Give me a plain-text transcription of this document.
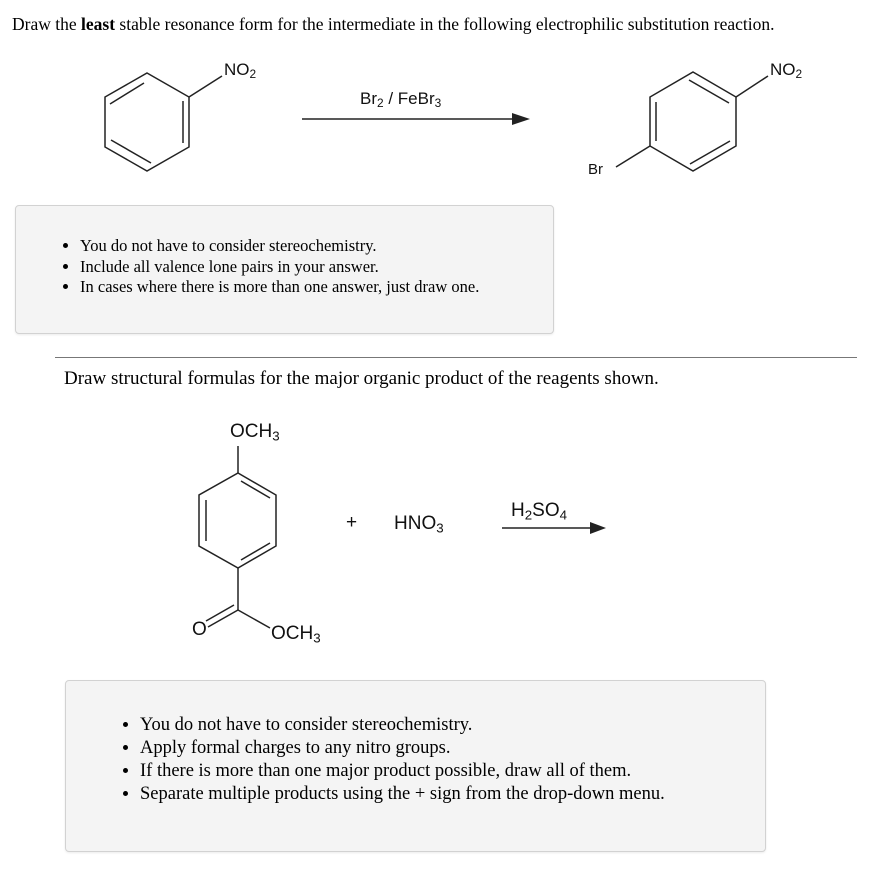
Draw the least stable resonance form for the intermediate in the following electrophilic substitution reaction.
$NO_2$
$Br_2$ / FeBr$_3$
$NO_2$
Br
• You do not have to consider stereochemistry.
• Include all valence lone pairs in your answer.
• In cases where there is more than one answer, just draw one.
Draw structural formulas for the major organic product of the reagents shown.
$OCH_3$
O	$OCH_3$
+ $HNO_3$
$H_2SO_4$
• You do not have to consider stereochemistry.
• Apply formal charges to any nitro groups.
• If there is more than one major product possible, draw all of them.
• Separate multiple products using the + sign from the drop-down menu.
